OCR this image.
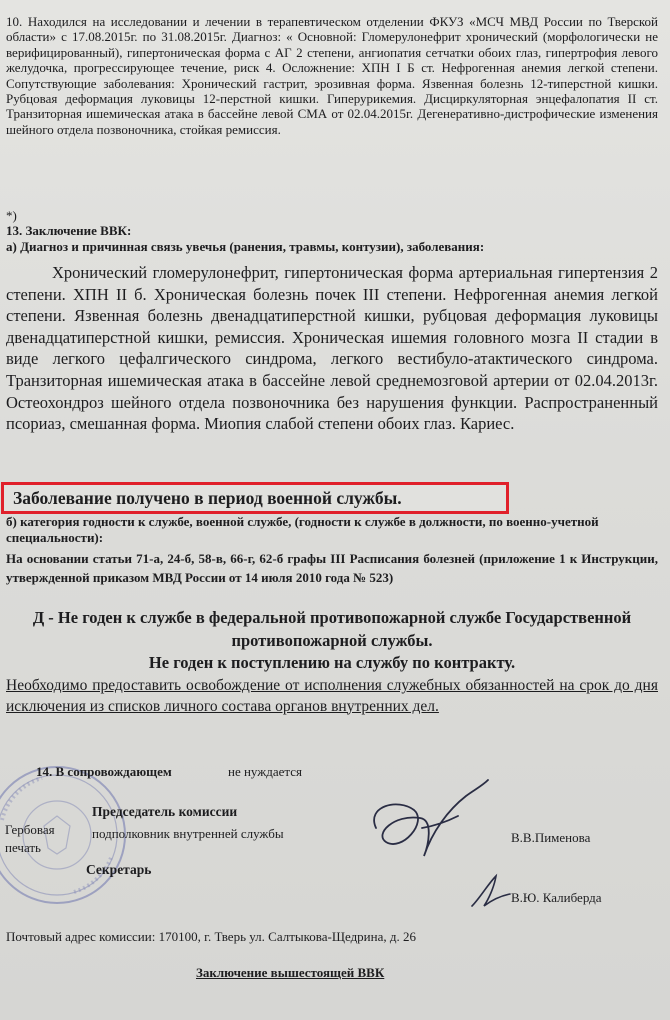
10. Находился на исследовании и лечении в терапевтическом отделении ФКУЗ «МСЧ МВД России по Тверской области» с 17.08.2015г. по 31.08.2015г. Диагноз: « Основной: Гломерулонефрит хронический (морфологически не верифицированный), гипертоническая форма с АГ 2 степени, ангиопатия сетчатки обоих глаз, гипертрофия левого желудочка, прогрессирующее течение, риск 4. Осложнение: ХПН I Б ст. Нефрогенная анемия легкой степени. Сопутствующие заболевания: Хронический гастрит, эрозивная форма. Язвенная болезнь 12-типерстной кишки. Рубцовая деформация луковицы 12-перстной кишки. Гиперурикемия. Дисциркуляторная энцефалопатия II ст. Транзиторная ишемическая атака в бассейне левой СМА от 02.04.2015г. Дегенеративно-дистрофические изменения шейного отдела позвоночника, стойкая ремиссия.
*)
13. Заключение ВВК:
а) Диагноз и причинная связь увечья (ранения, травмы, контузии), заболевания:
Хронический гломерулонефрит, гипертоническая форма артериальная гипертензия 2 степени. ХПН II б. Хроническая болезнь почек III степени. Нефрогенная анемия легкой степени. Язвенная болезнь двенадцатиперстной кишки, рубцовая деформация луковицы двенадцатиперстной кишки, ремиссия. Хроническая ишемия головного мозга II стадии в виде легкого цефалгического синдрома, легкого вестибуло-атактического синдрома. Транзиторная ишемическая атака в бассейне левой среднемозговой артерии от 02.04.2013г. Остеохондроз шейного отдела позвоночника без нарушения функции. Распространенный псориаз, смешанная форма. Миопия слабой степени обоих глаз. Кариес.
Заболевание получено в период военной службы.
б) категория годности к службе, военной службе, (годности к службе в должности, по военно-учетной специальности):
На основании статьи 71-а, 24-б, 58-в, 66-г, 62-б графы III Расписания болезней (приложение 1 к Инструкции, утвержденной приказом МВД России от 14 июля 2010 года № 523)
Д - Не годен к службе в федеральной противопожарной службе Государственной противопожарной службы.
Не годен к поступлению на службу по контракту.
Необходимо предоставить освобождение от исполнения служебных обязанностей на срок до дня исключения из списков личного состава органов внутренних дел.
14. В сопровождающем	не нуждается
Председатель комиссии
подполковник внутренней службы
Гербовая
печать
В.В.Пименова
Секретарь
В.Ю. Калиберда
Почтовый адрес комиссии: 170100, г. Тверь ул. Салтыкова-Щедрина, д. 26
Заключение вышестоящей ВВК
